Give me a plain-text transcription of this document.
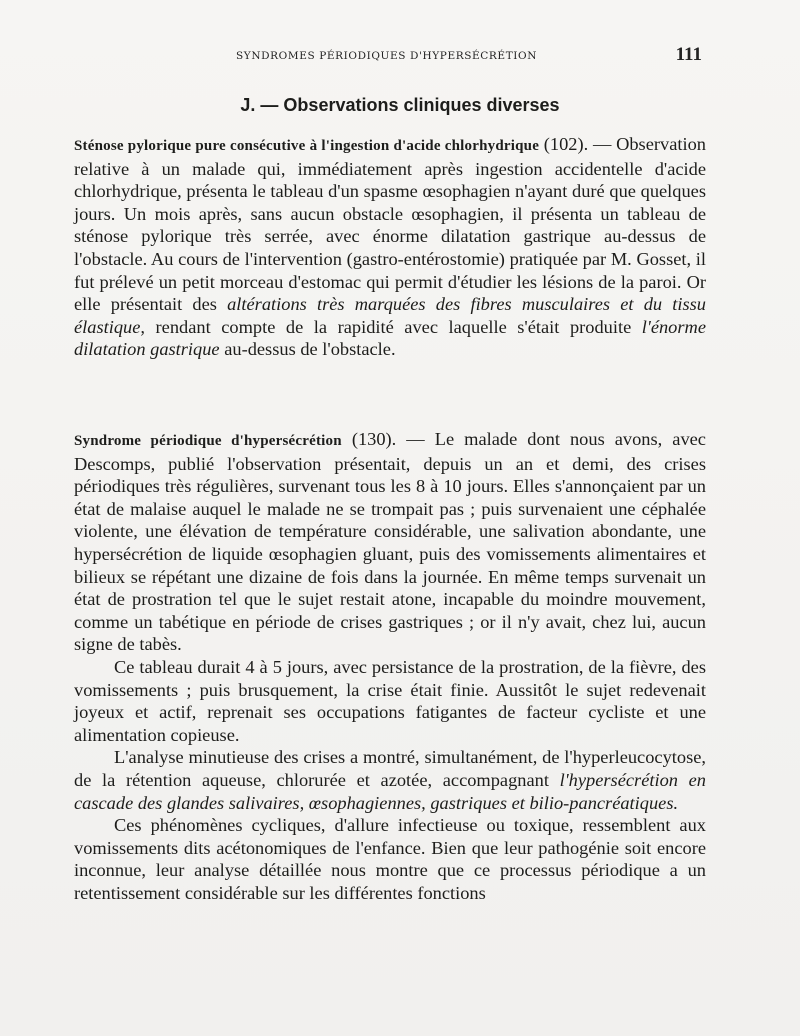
SYNDROMES PÉRIODIQUES D'HYPERSÉCRÉTION	111
J. — Observations cliniques diverses

Sténose pylorique pure consécutive à l'ingestion d'acide chlorhydrique (102). — Observation relative à un malade qui, immédiatement après ingestion accidentelle d'acide chlorhydrique, présenta le tableau d'un spasme œsophagien n'ayant duré que quelques jours. Un mois après, sans aucun obstacle œsophagien, il présenta un tableau de sténose pylorique très serrée, avec énorme dilatation gastrique au-dessus de l'obstacle. Au cours de l'intervention (gastro-entérostomie) pratiquée par M. Gosset, il fut prélevé un petit morceau d'estomac qui permit d'étudier les lésions de la paroi. Or elle présentait des altérations très marquées des fibres musculaires et du tissu élastique, rendant compte de la rapidité avec laquelle s'était produite l'énorme dilatation gastrique au-dessus de l'obstacle.

Syndrome périodique d'hypersécrétion (130). — Le malade dont nous avons, avec Descomps, publié l'observation présentait, depuis un an et demi, des crises périodiques très régulières, survenant tous les 8 à 10 jours. Elles s'annonçaient par un état de malaise auquel le malade ne se trompait pas ; puis survenaient une céphalée violente, une élévation de température considérable, une salivation abondante, une hypersécrétion de liquide œsophagien gluant, puis des vomissements alimentaires et bilieux se répétant une dizaine de fois dans la journée. En même temps survenait un état de prostration tel que le sujet restait atone, incapable du moindre mouvement, comme un tabétique en période de crises gastriques ; or il n'y avait, chez lui, aucun signe de tabès.

Ce tableau durait 4 à 5 jours, avec persistance de la prostration, de la fièvre, des vomissements ; puis brusquement, la crise était finie. Aussitôt le sujet redevenait joyeux et actif, reprenait ses occupations fatigantes de facteur cycliste et une alimentation copieuse.

L'analyse minutieuse des crises a montré, simultanément, de l'hyperleucocytose, de la rétention aqueuse, chlorurée et azotée, accompagnant l'hypersécrétion en cascade des glandes salivaires, œsophagiennes, gastriques et bilio-pancréatiques.

Ces phénomènes cycliques, d'allure infectieuse ou toxique, ressemblent aux vomissements dits acétonomiques de l'enfance. Bien que leur pathogénie soit encore inconnue, leur analyse détaillée nous montre que ce processus périodique a un retentissement considérable sur les différentes fonctions
